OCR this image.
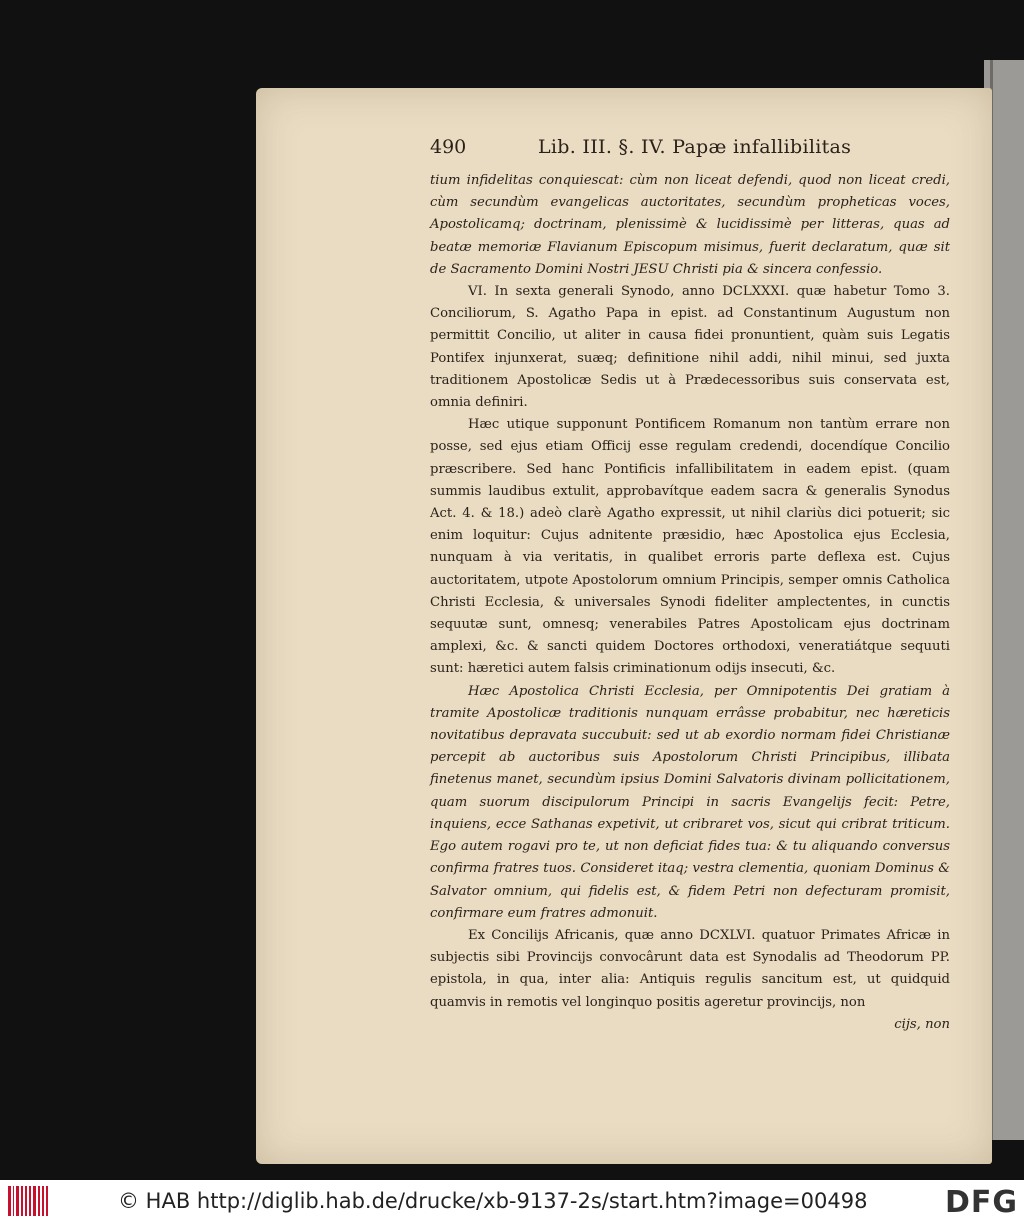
490	Lib. III. §. IV. Papæ infallibilitas

tium infidelitas conquiescat: cùm non liceat defendi, quod non liceat credi, cùm secundùm evangelicas auctoritates, secundùm propheticas voces, Apostolicamq; doctrinam, plenissimè & lucidissimè per litteras, quas ad beatæ memoriæ Flavianum Episcopum misimus, fuerit declaratum, quæ sit de Sacramento Domini Nostri JESU Christi pia & sincera confessio.

VI. In sexta generali Synodo, anno DCLXXXI. quæ habetur Tomo 3. Conciliorum, S. Agatho Papa in epist. ad Constantinum Augustum non permittit Concilio, ut aliter in causa fidei pronuntient, quàm suis Legatis Pontifex injunxerat, suæq; definitione nihil addi, nihil minui, sed juxta traditionem Apostolicæ Sedis ut à Prædecessoribus suis conservata est, omnia definiri.

Hæc utique supponunt Pontificem Romanum non tantùm errare non posse, sed ejus etiam Officij esse regulam credendi, docendíque Concilio præscribere. Sed hanc Pontificis infallibilitatem in eadem epist. (quam summis laudibus extulit, approbavítque eadem sacra & generalis Synodus Act. 4. & 18.) adeò clarè Agatho expressit, ut nihil clariùs dici potuerit; sic enim loquitur: Cujus adnitente præsidio, hæc Apostolica ejus Ecclesia, nunquam à via veritatis, in qualibet erroris parte deflexa est. Cujus auctoritatem, utpote Apostolorum omnium Principis, semper omnis Catholica Christi Ecclesia, & universales Synodi fideliter amplectentes, in cunctis sequutæ sunt, omnesq; venerabiles Patres Apostolicam ejus doctrinam amplexi, &c. & sancti quidem Doctores orthodoxi, veneratiátque sequuti sunt: hæretici autem falsis criminationum odijs insecuti, &c.

Hæc Apostolica Christi Ecclesia, per Omnipotentis Dei gratiam à tramite Apostolicæ traditionis nunquam errâsse probabitur, nec hæreticis novitatibus depravata succubuit: sed ut ab exordio normam fidei Christianæ percepit ab auctoribus suis Apostolorum Christi Principibus, illibata finetenus manet, secundùm ipsius Domini Salvatoris divinam pollicitationem, quam suorum discipulorum Principi in sacris Evangelijs fecit: Petre, inquiens, ecce Sathanas expetivit, ut cribraret vos, sicut qui cribrat triticum. Ego autem rogavi pro te, ut non deficiat fides tua: & tu aliquando conversus confirma fratres tuos. Consideret itaq; vestra clementia, quoniam Dominus & Salvator omnium, qui fidelis est, & fidem Petri non defecturam promisit, confirmare eum fratres admonuit.

Ex Concilijs Africanis, quæ anno DCXLVI. quatuor Primates Africæ in subjectis sibi Provincijs convocârunt data est Synodalis ad Theodorum PP. epistola, in qua, inter alia: Antiquis regulis sancitum est, ut quidquid quamvis in remotis vel longinquo positis ageretur provincijs, non

cijs, non

© HAB http://diglib.hab.de/drucke/xb-9137-2s/start.htm?image=00498	DFG
